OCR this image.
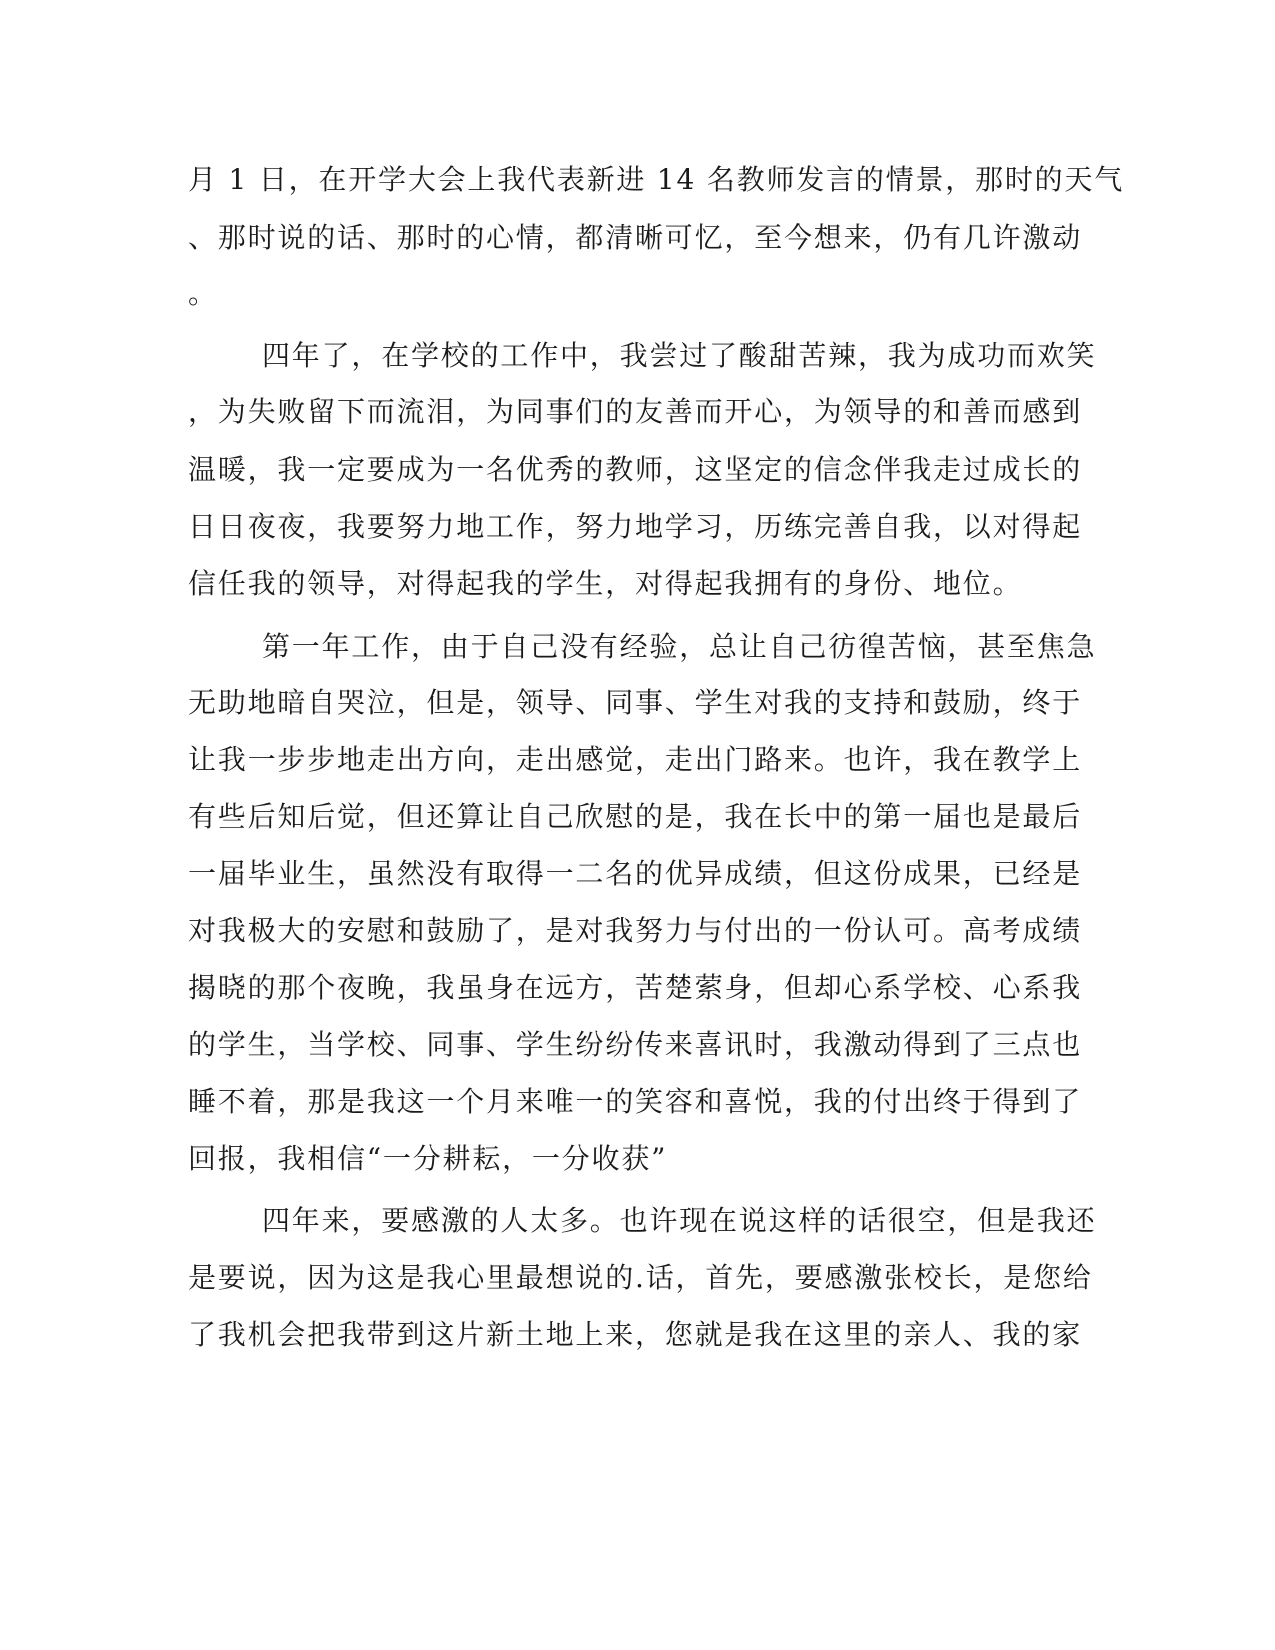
月 1 日，在开学大会上我代表新进 14 名教师发言的情景，那时的天气

、那时说的话、那时的心情，都清晰可忆，至今想来，仍有几许激动

。

四年了，在学校的工作中，我尝过了酸甜苦辣，我为成功而欢笑

，为失败留下而流泪，为同事们的友善而开心，为领导的和善而感到

温暖，我一定要成为一名优秀的教师，这坚定的信念伴我走过成长的

日日夜夜，我要努力地工作，努力地学习，历练完善自我，以对得起

信任我的领导，对得起我的学生，对得起我拥有的身份、地位。

第一年工作，由于自己没有经验，总让自己彷徨苦恼，甚至焦急

无助地暗自哭泣，但是，领导、同事、学生对我的支持和鼓励，终于

让我一步步地走出方向，走出感觉，走出门路来。也许，我在教学上

有些后知后觉，但还算让自己欣慰的是，我在长中的第一届也是最后

一届毕业生，虽然没有取得一二名的优异成绩，但这份成果，已经是

对我极大的安慰和鼓励了，是对我努力与付出的一份认可。高考成绩

揭晓的那个夜晚，我虽身在远方，苦楚萦身，但却心系学校、心系我

的学生，当学校、同事、学生纷纷传来喜讯时，我激动得到了三点也

睡不着，那是我这一个月来唯一的笑容和喜悦，我的付出终于得到了

回报，我相信“一分耕耘，一分收获”

四年来，要感激的人太多。也许现在说这样的话很空，但是我还

是要说，因为这是我心里最想说的.话，首先，要感激张校长，是您给

了我机会把我带到这片新土地上来，您就是我在这里的亲人、我的家
